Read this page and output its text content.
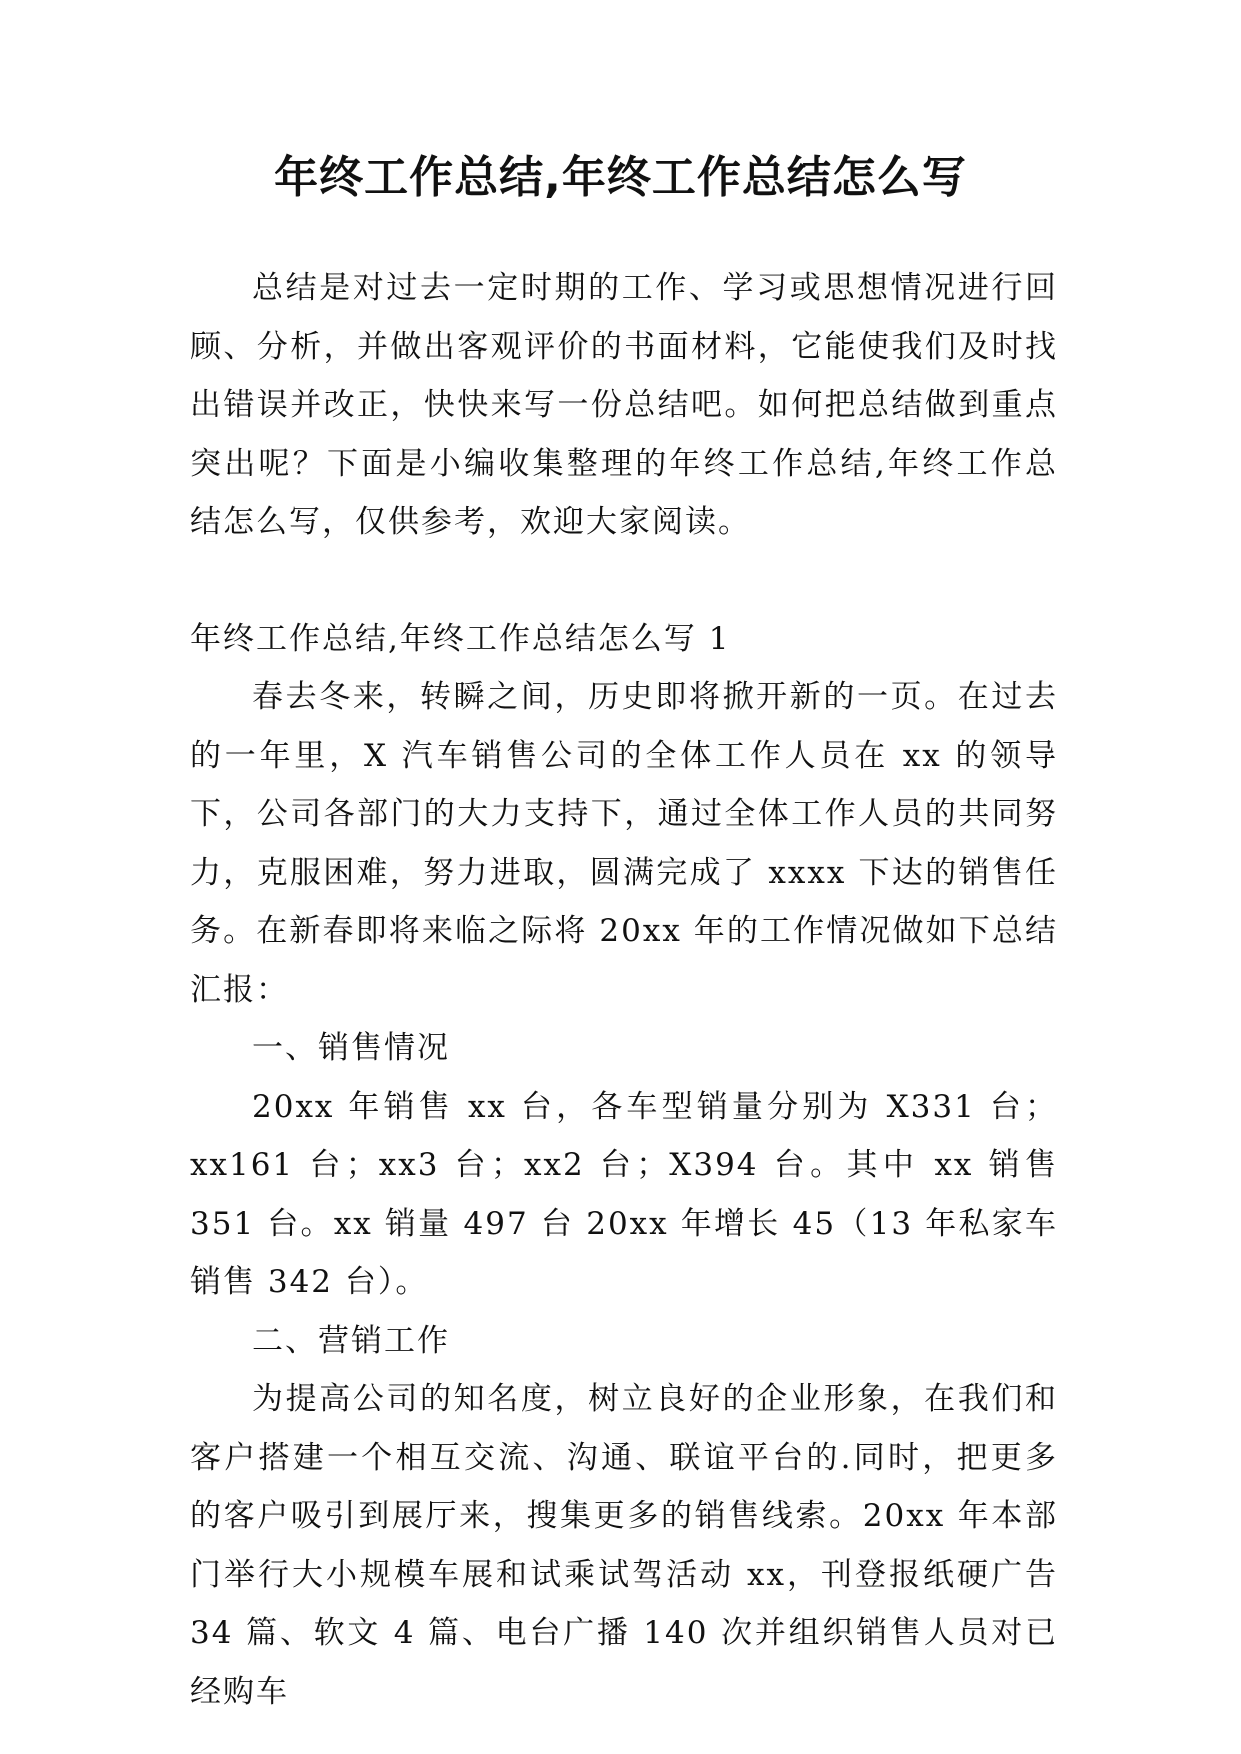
年终工作总结,年终工作总结怎么写

总结是对过去一定时期的工作、学习或思想情况进行回顾、分析，并做出客观评价的书面材料，它能使我们及时找出错误并改正，快快来写一份总结吧。如何把总结做到重点突出呢？下面是小编收集整理的年终工作总结,年终工作总结怎么写，仅供参考，欢迎大家阅读。

年终工作总结,年终工作总结怎么写 1

春去冬来，转瞬之间，历史即将掀开新的一页。在过去的一年里，X 汽车销售公司的全体工作人员在 xx 的领导下，公司各部门的大力支持下，通过全体工作人员的共同努力，克服困难，努力进取，圆满完成了 xxxx 下达的销售任务。在新春即将来临之际将 20xx 年的工作情况做如下总结汇报：

一、销售情况

20xx 年销售 xx 台，各车型销量分别为 X331 台；xx161 台；xx3 台；xx2 台；X394 台。其中 xx 销售 351 台。xx 销量 497 台 20xx 年增长 45（13 年私家车销售 342 台）。

二、营销工作

为提高公司的知名度，树立良好的企业形象，在我们和客户搭建一个相互交流、沟通、联谊平台的.同时，把更多的客户吸引到展厅来，搜集更多的销售线索。20xx 年本部门举行大小规模车展和试乘试驾活动 xx，刊登报纸硬广告 34 篇、软文 4 篇、电台广播 140 次并组织销售人员对已经购车
